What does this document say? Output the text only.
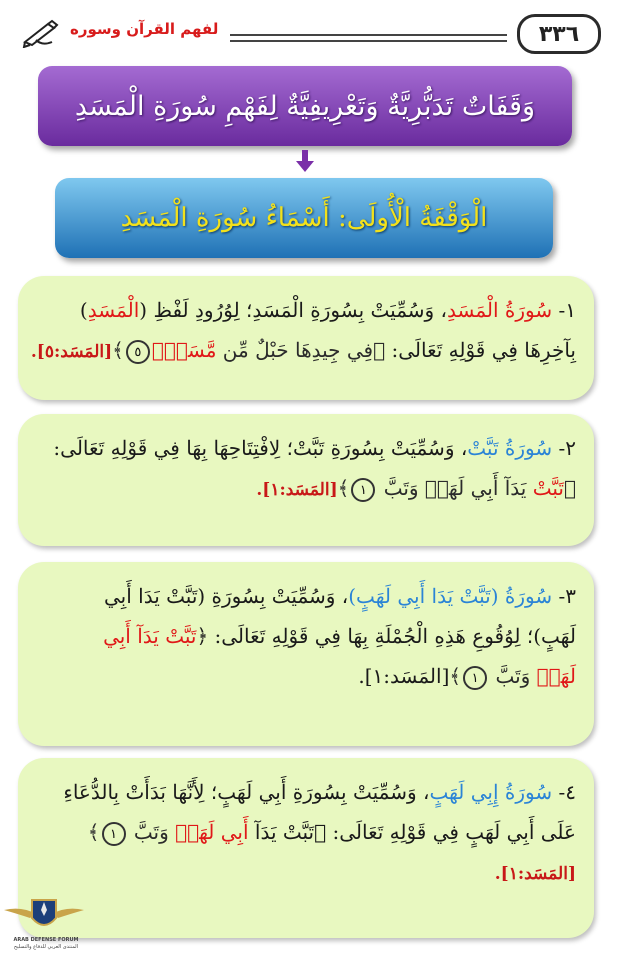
٣٣٦
لفهم القرآن وسوره
وَقَفَاتٌ تَدَبُّرِيَّةٌ وَتَعْرِيفِيَّةٌ لِفَهْمِ سُورَةِ الْمَسَدِ
الْوَقْفَةُ الْأُولَى: أَسْمَاءُ سُورَةِ الْمَسَدِ
١- سُورَةُ الْمَسَدِ، وَسُمِّيَتْ بِسُورَةِ الْمَسَدِ؛ لِوُرُودِ لَفْظِ (الْمَسَدِ)
بِآخِرِهَا فِي قَوْلِهِ تَعَالَى: ﴿فِي جِيدِهَا حَبْلٌ مِّن مَّسَدِۭ٥﴾[المَسَد:٥].
٢- سُورَةُ تَبَّتْ، وَسُمِّيَتْ بِسُورَةِ تَبَّتْ؛ لِافْتِتَاحِهَا بِهَا فِي قَوْلِهِ تَعَالَى:
﴿تَبَّتْ يَدَآ أَبِي لَهَبٖ وَتَبَّ ١﴾[المَسَد:١].
٣- سُورَةُ (تَبَّتْ يَدَا أَبِي لَهَبٍ)، وَسُمِّيَتْ بِسُورَةِ (تَبَّتْ يَدَا أَبِي
لَهَبٍ)؛ لِوُقُوعِ هَذِهِ الْجُمْلَةِ بِهَا فِي قَوْلِهِ تَعَالَى: ﴿تَبَّتْ يَدَآ أَبِي
لَهَبٖ وَتَبَّ ١﴾[المَسَد:١].
٤- سُورَةُ إِبِي لَهَبٍ، وَسُمِّيَتْ بِسُورَةِ أَبِي لَهَبٍ؛ لِأَنَّهَا بَدَأَتْ بِالدُّعَاءِ
عَلَى أَبِي لَهَبٍ فِي قَوْلِهِ تَعَالَى: ﴿تَبَّتْ يَدَآ أَبِي لَهَبٖ وَتَبَّ ١﴾
[المَسَد:١].
ARAB DEFENSE FORUM
المنتدى العربي للدفاع والتسليح
